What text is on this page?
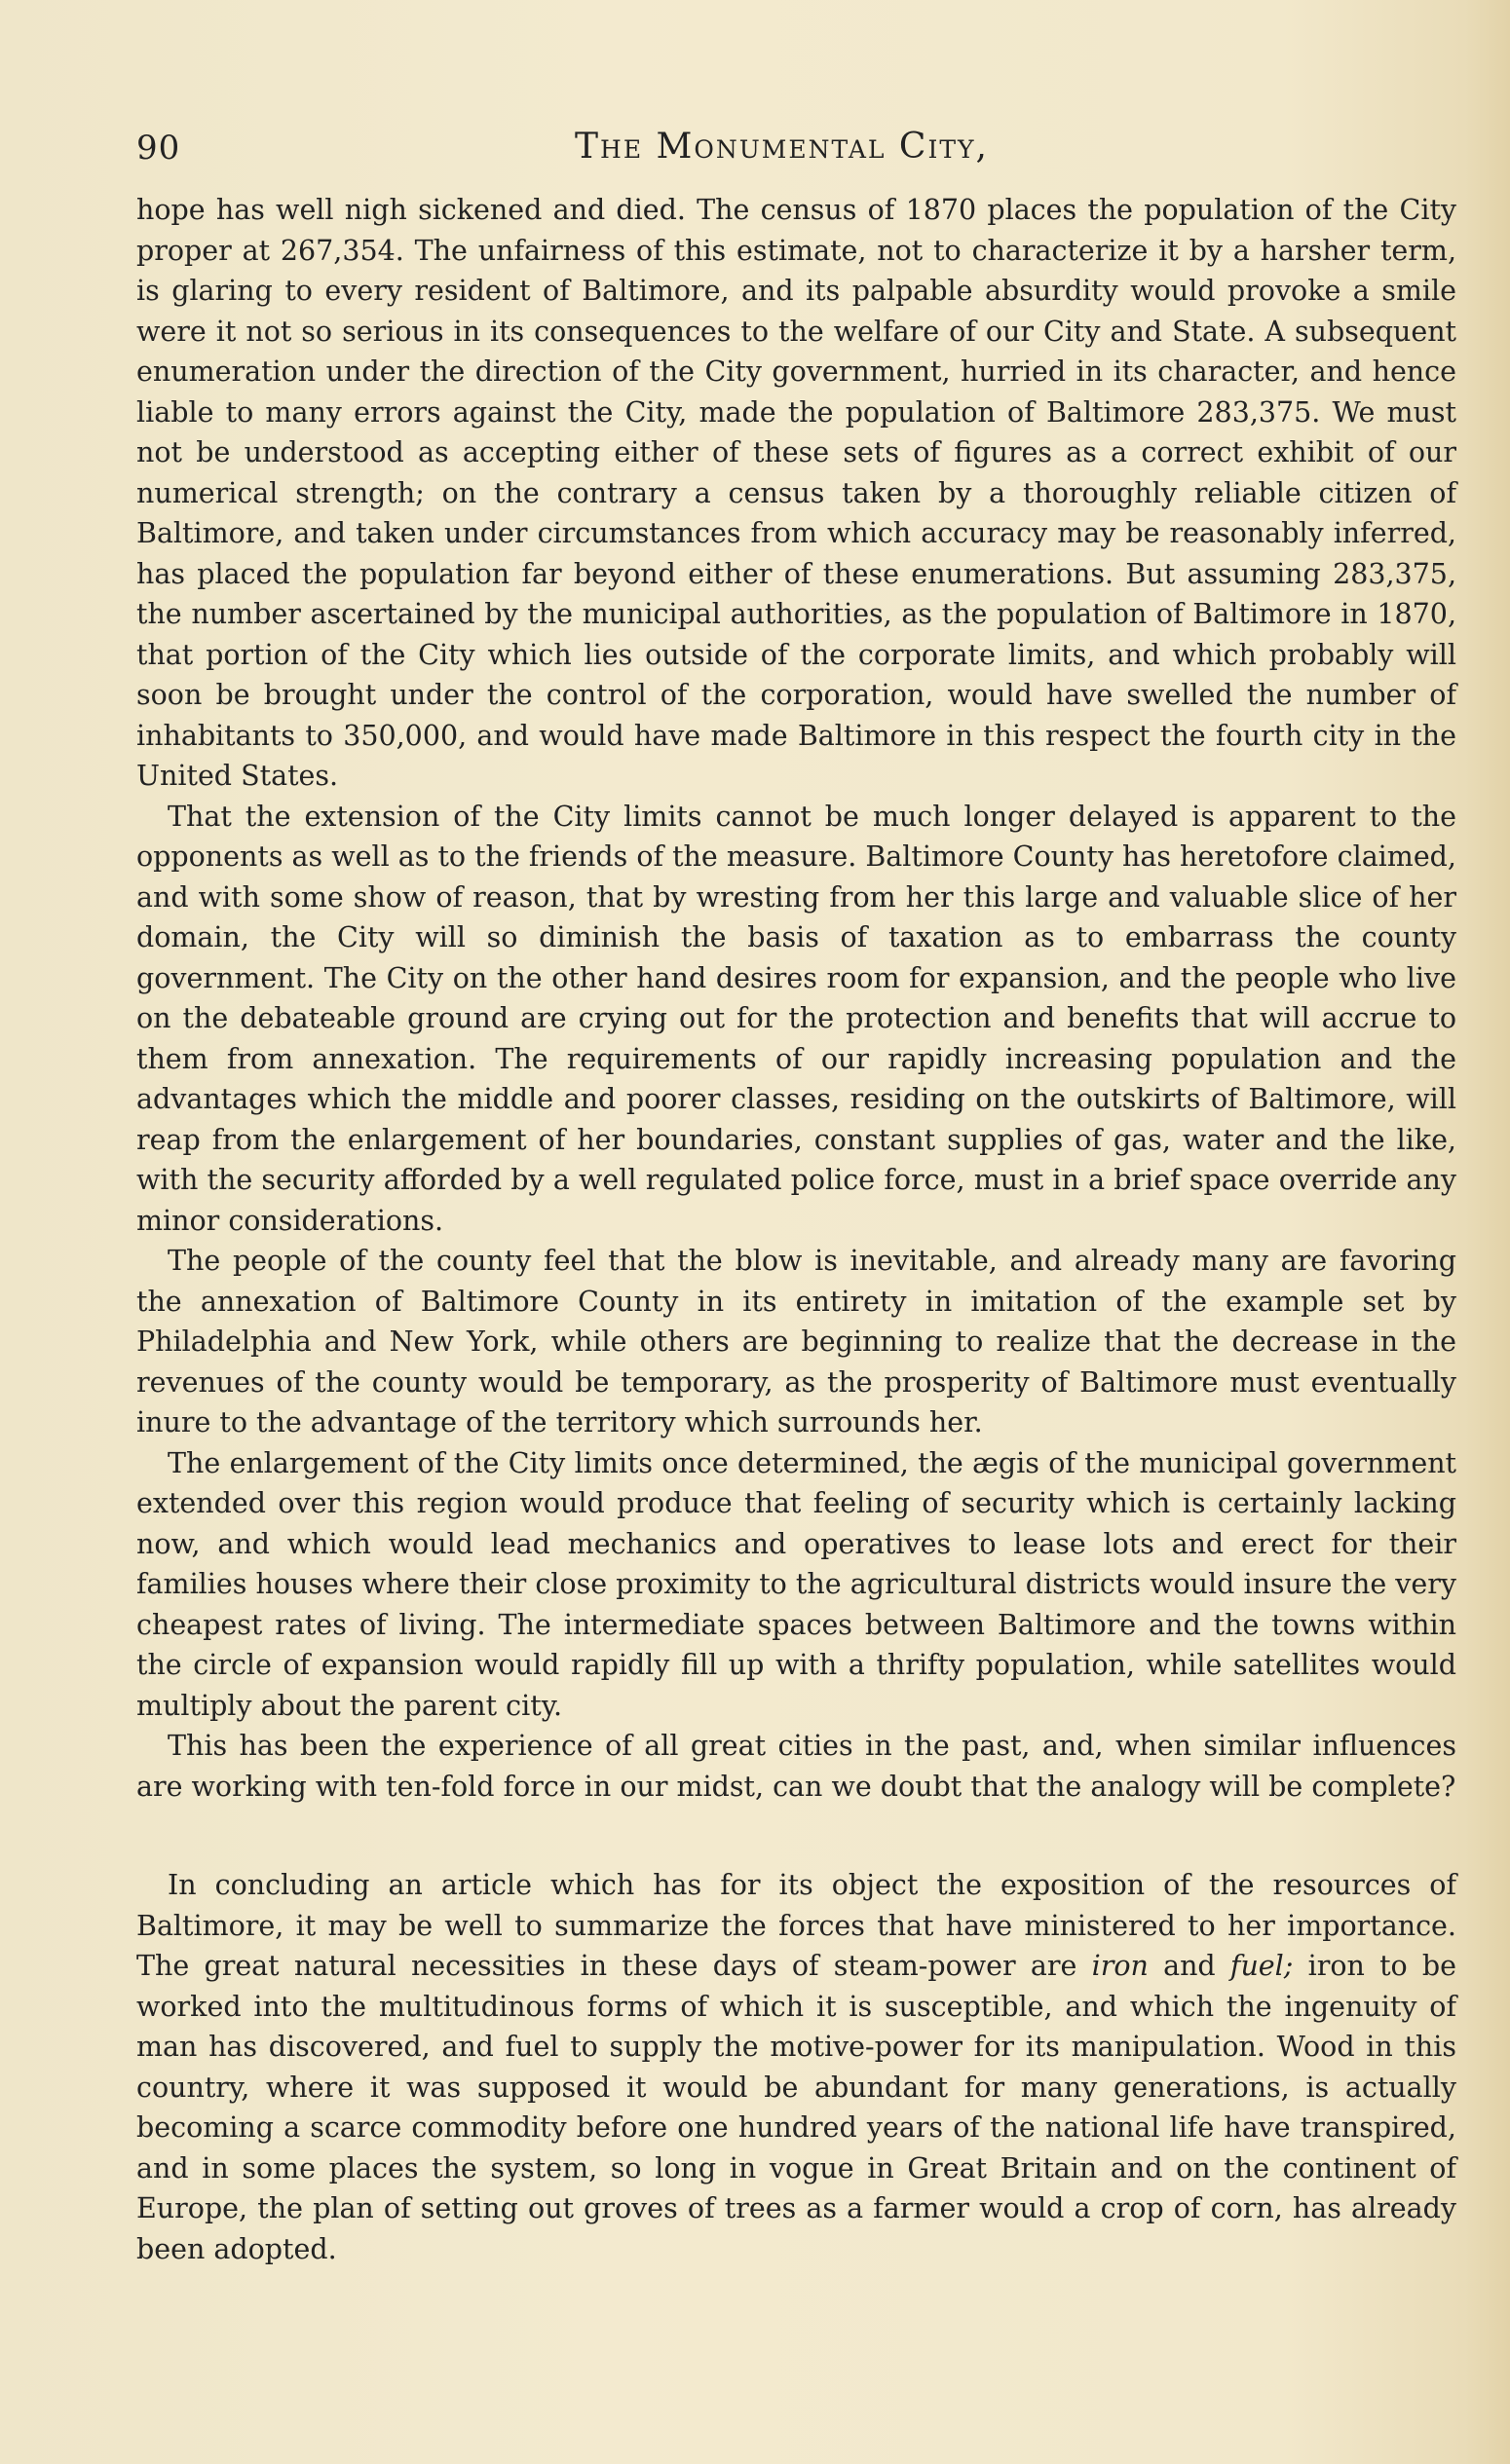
90	The Monumental City,

hope has well nigh sickened and died. The census of 1870 places the population of the City proper at 267,354. The unfairness of this estimate, not to characterize it by a harsher term, is glaring to every resident of Baltimore, and its palpable absurdity would provoke a smile were it not so serious in its consequences to the welfare of our City and State. A subsequent enumeration under the direction of the City government, hurried in its character, and hence liable to many errors against the City, made the population of Baltimore 283,375. We must not be understood as accepting either of these sets of figures as a correct exhibit of our numerical strength; on the contrary a census taken by a thoroughly reliable citizen of Baltimore, and taken under circumstances from which accuracy may be reasonably inferred, has placed the population far beyond either of these enumerations. But assuming 283,375, the number ascertained by the municipal authorities, as the population of Baltimore in 1870, that portion of the City which lies outside of the corporate limits, and which probably will soon be brought under the control of the corporation, would have swelled the number of inhabitants to 350,000, and would have made Baltimore in this respect the fourth city in the United States.

That the extension of the City limits cannot be much longer delayed is apparent to the opponents as well as to the friends of the measure. Baltimore County has heretofore claimed, and with some show of reason, that by wresting from her this large and valuable slice of her domain, the City will so diminish the basis of taxation as to embarrass the county government. The City on the other hand desires room for expansion, and the people who live on the debateable ground are crying out for the protection and benefits that will accrue to them from annexation. The requirements of our rapidly increasing population and the advantages which the middle and poorer classes, residing on the outskirts of Baltimore, will reap from the enlargement of her boundaries, constant supplies of gas, water and the like, with the security afforded by a well regulated police force, must in a brief space override any minor considerations.

The people of the county feel that the blow is inevitable, and already many are favoring the annexation of Baltimore County in its entirety in imitation of the example set by Philadelphia and New York, while others are beginning to realize that the decrease in the revenues of the county would be temporary, as the prosperity of Baltimore must eventually inure to the advantage of the territory which surrounds her.

The enlargement of the City limits once determined, the ægis of the municipal government extended over this region would produce that feeling of security which is certainly lacking now, and which would lead mechanics and operatives to lease lots and erect for their families houses where their close proximity to the agricultural districts would insure the very cheapest rates of living. The intermediate spaces between Baltimore and the towns within the circle of expansion would rapidly fill up with a thrifty population, while satellites would multiply about the parent city.

This has been the experience of all great cities in the past, and, when similar influences are working with ten-fold force in our midst, can we doubt that the analogy will be complete?

In concluding an article which has for its object the exposition of the resources of Baltimore, it may be well to summarize the forces that have ministered to her importance. The great natural necessities in these days of steam-power are iron and fuel; iron to be worked into the multitudinous forms of which it is susceptible, and which the ingenuity of man has discovered, and fuel to supply the motive-power for its manipulation. Wood in this country, where it was supposed it would be abundant for many generations, is actually becoming a scarce commodity before one hundred years of the national life have transpired, and in some places the system, so long in vogue in Great Britain and on the continent of Europe, the plan of setting out groves of trees as a farmer would a crop of corn, has already been adopted.
